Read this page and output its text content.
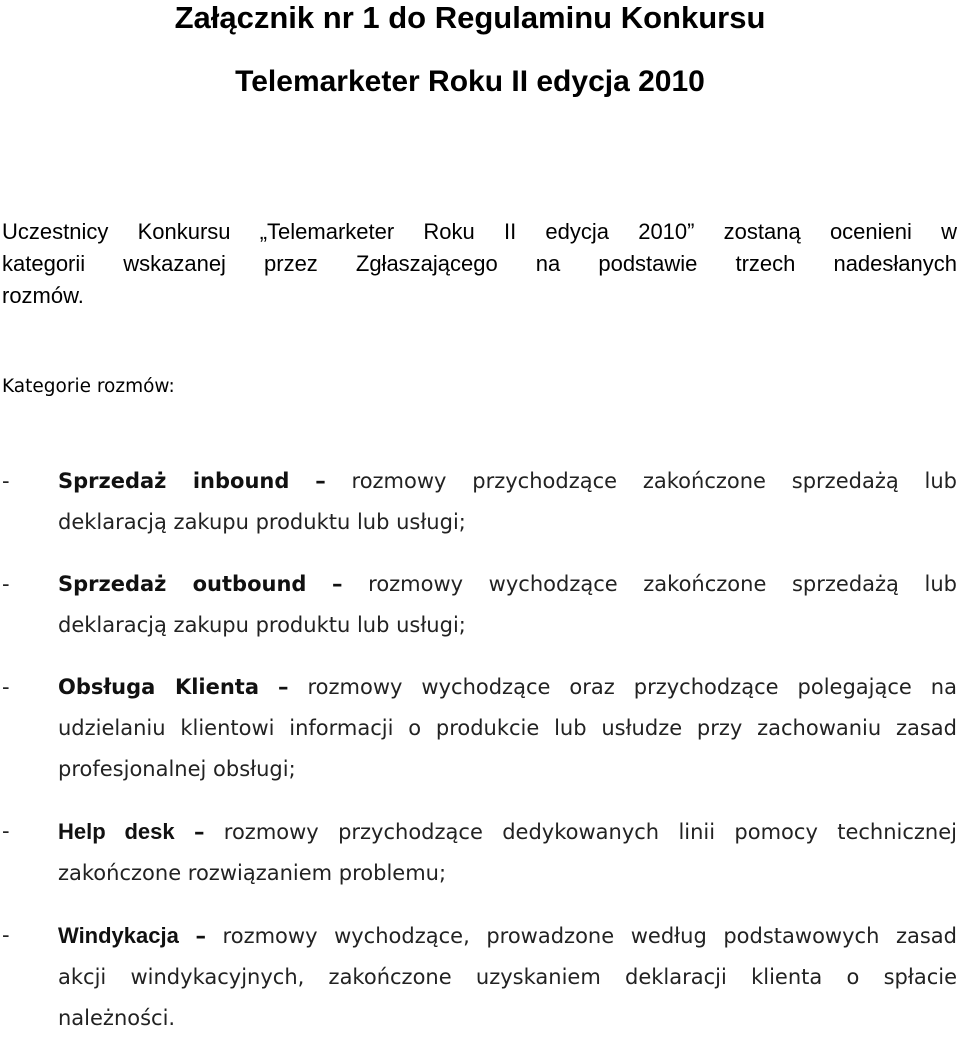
Załącznik nr 1 do Regulaminu Konkursu
Telemarketer Roku II edycja 2010

Uczestnicy Konkursu „Telemarketer Roku II edycja 2010” zostaną ocenieni w
kategorii wskazanej przez Zgłaszającego na podstawie trzech nadesłanych
rozmów.

Kategorie rozmów:

- Sprzedaż inbound – rozmowy przychodzące zakończone sprzedażą lub
deklaracją zakupu produktu lub usługi;
- Sprzedaż outbound – rozmowy wychodzące zakończone sprzedażą lub
deklaracją zakupu produktu lub usługi;
- Obsługa Klienta – rozmowy wychodzące oraz przychodzące polegające na
udzielaniu klientowi informacji o produkcie lub usłudze przy zachowaniu zasad
profesjonalnej obsługi;
- Help desk – rozmowy przychodzące dedykowanych linii pomocy technicznej
zakończone rozwiązaniem problemu;
- Windykacja – rozmowy wychodzące, prowadzone według podstawowych zasad
akcji windykacyjnych, zakończone uzyskaniem deklaracji klienta o spłacie
należności.
